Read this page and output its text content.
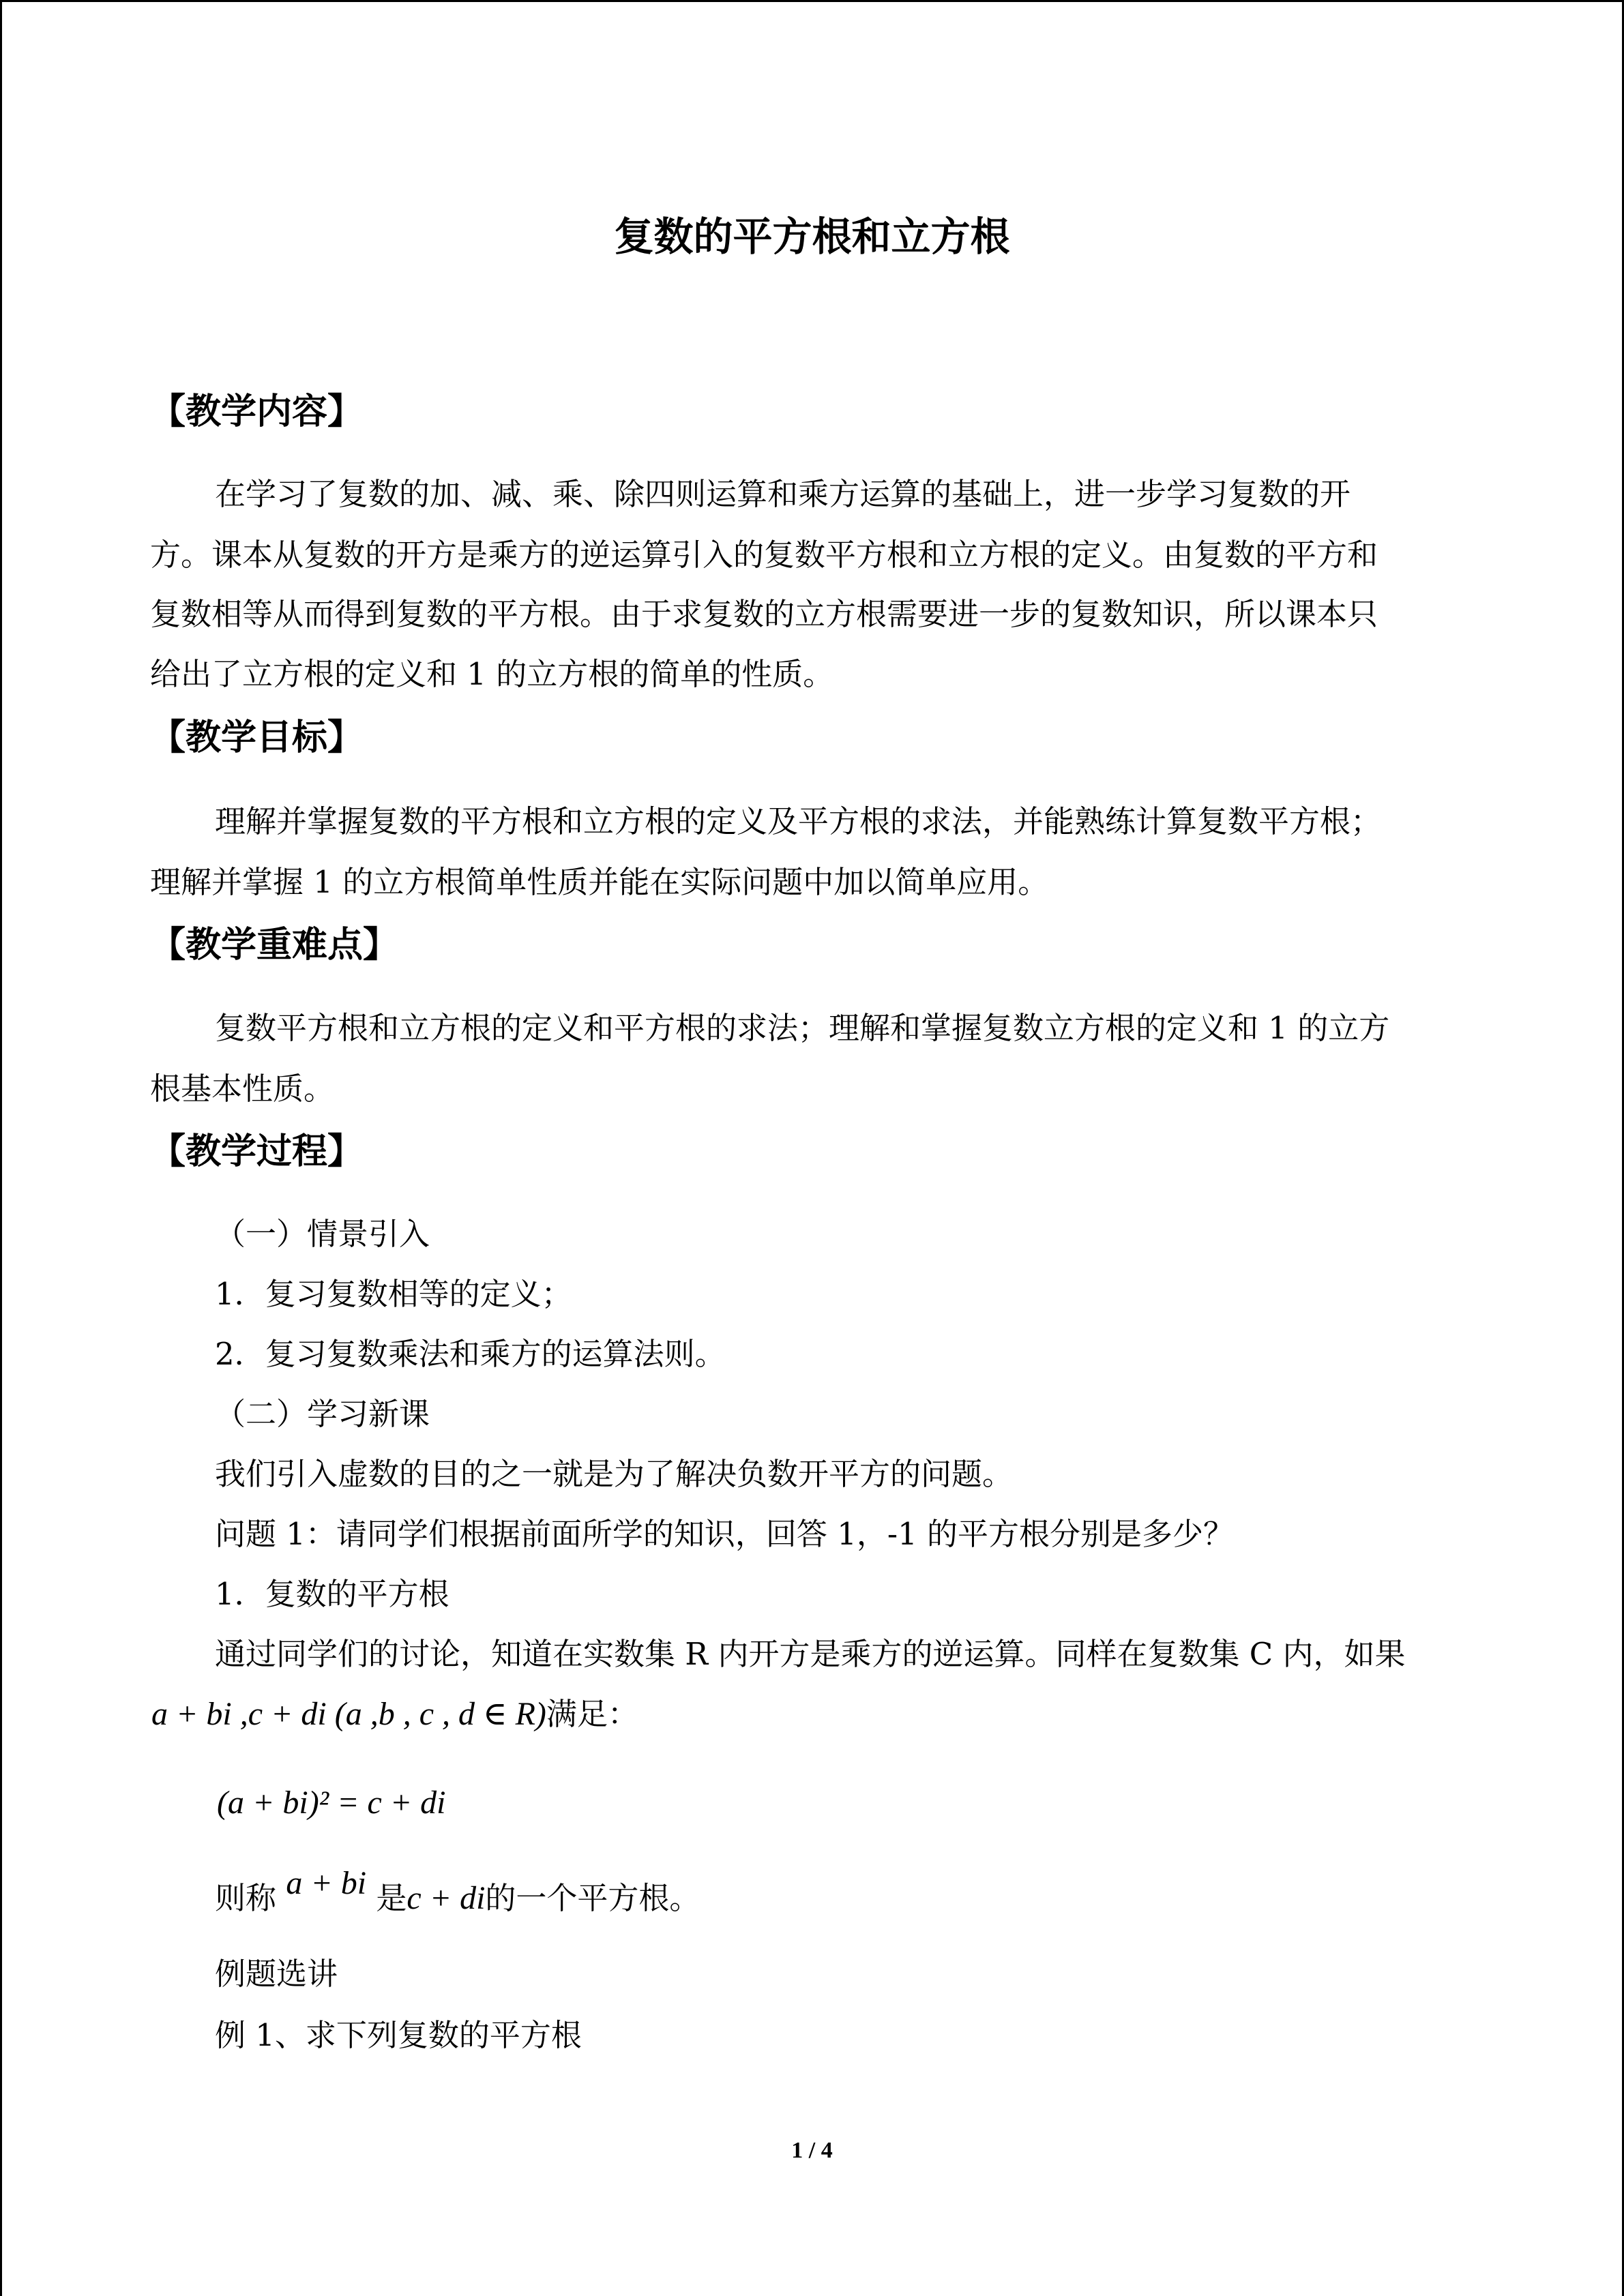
复数的平方根和立方根
【教学内容】
在学习了复数的加、减、乘、除四则运算和乘方运算的基础上，进一步学习复数的开
方。课本从复数的开方是乘方的逆运算引入的复数平方根和立方根的定义。由复数的平方和
复数相等从而得到复数的平方根。由于求复数的立方根需要进一步的复数知识，所以课本只
给出了立方根的定义和 1 的立方根的简单的性质。
【教学目标】
理解并掌握复数的平方根和立方根的定义及平方根的求法，并能熟练计算复数平方根；
理解并掌握 1 的立方根简单性质并能在实际问题中加以简单应用。
【教学重难点】
复数平方根和立方根的定义和平方根的求法；理解和掌握复数立方根的定义和 1 的立方
根基本性质。
【教学过程】
（一）情景引入
1．复习复数相等的定义；
2．复习复数乘法和乘方的运算法则。
（二）学习新课
我们引入虚数的目的之一就是为了解决负数开平方的问题。
问题 1：请同学们根据前面所学的知识，回答 1，-1 的平方根分别是多少？
1．复数的平方根
通过同学们的讨论，知道在实数集 R 内开方是乘方的逆运算。同样在复数集 C 内，如果
a + bi ,c + di (a ,b , c , d ∈ R)满足：
(a + bi)² = c + di
则称 a + bi 是c + di的一个平方根。
例题选讲
例 1、求下列复数的平方根
1 / 4
